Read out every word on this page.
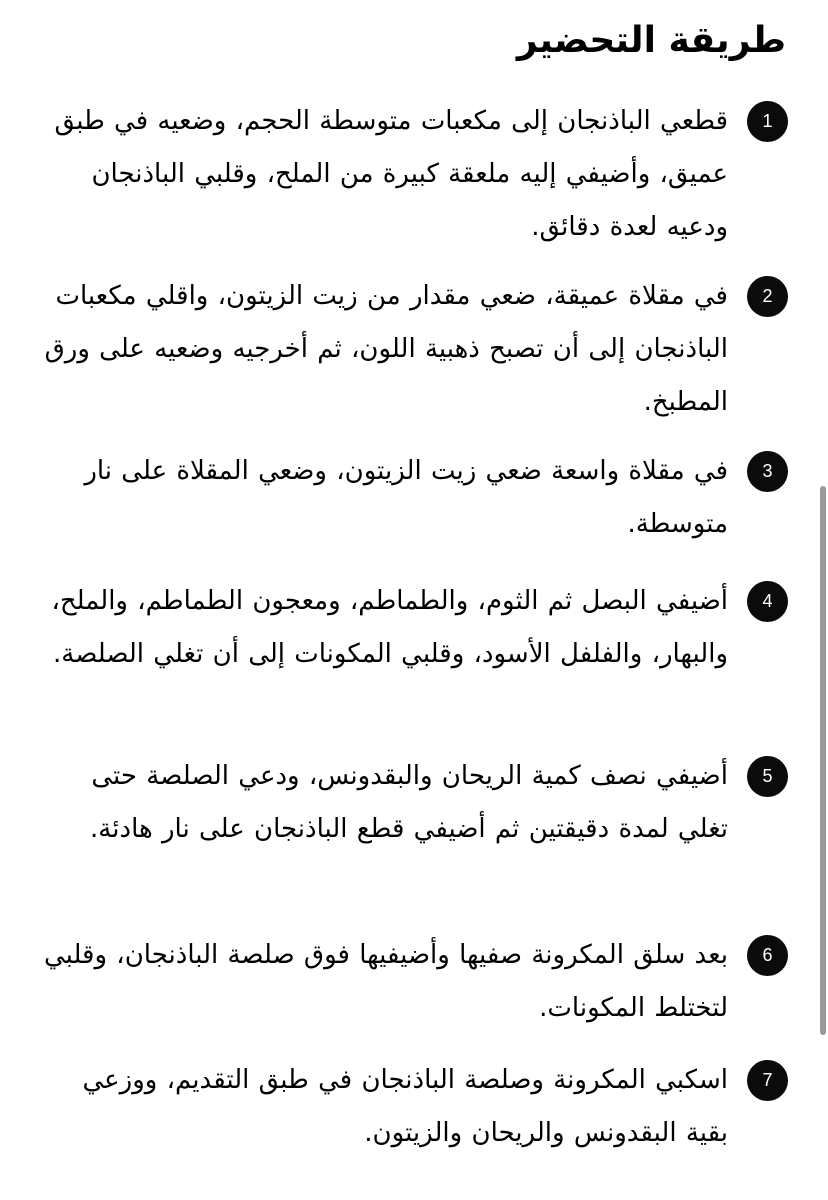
طريقة التحضير
1

قطعي الباذنجان إلى مكعبات متوسطة الحجم، وضعيه في طبق عميق، وأضيفي إليه ملعقة كبيرة من الملح، وقلبي الباذنجان ودعيه لعدة دقائق.

2

في مقلاة عميقة، ضعي مقدار من زيت الزيتون، واقلي مكعبات الباذنجان إلى أن تصبح ذهبية اللون، ثم أخرجيه وضعيه على ورق المطبخ.

3

في مقلاة واسعة ضعي زيت الزيتون، وضعي المقلاة على نار متوسطة.

4

أضيفي البصل ثم الثوم، والطماطم، ومعجون الطماطم، والملح، والبهار، والفلفل الأسود، وقلبي المكونات إلى أن تغلي الصلصة.

5

أضيفي نصف كمية الريحان والبقدونس، ودعي الصلصة حتى تغلي لمدة دقيقتين ثم أضيفي قطع الباذنجان على نار هادئة.

6

بعد سلق المكرونة صفيها وأضيفيها فوق صلصة الباذنجان، وقلبي لتختلط المكونات.

7

اسكبي المكرونة وصلصة الباذنجان في طبق التقديم، ووزعي بقية البقدونس والريحان والزيتون.
